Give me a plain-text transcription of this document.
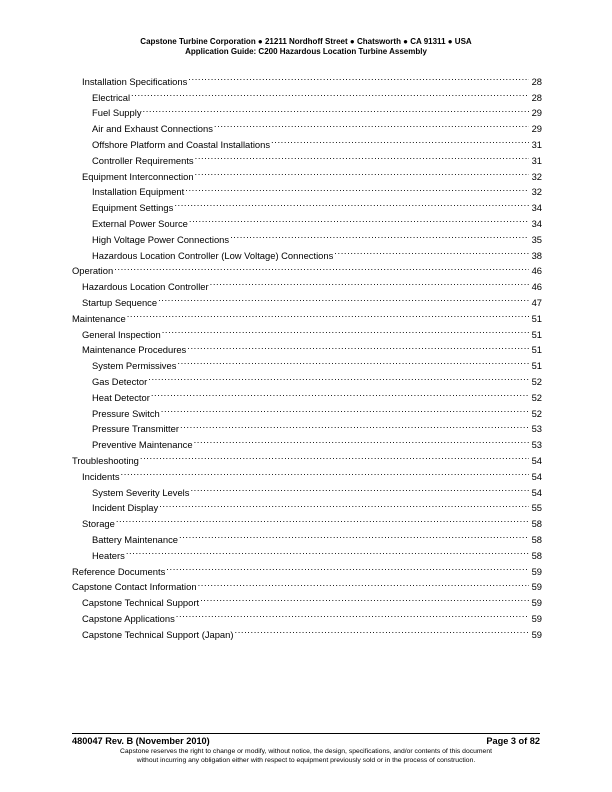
Capstone Turbine Corporation ● 21211 Nordhoff Street ● Chatsworth ● CA 91311 ● USA
Application Guide: C200 Hazardous Location Turbine Assembly
Installation Specifications .....	28
Electrical .....	28
Fuel Supply .....	29
Air and Exhaust Connections .....	29
Offshore Platform and Coastal Installations .....	31
Controller Requirements .....	31
Equipment Interconnection .....	32
Installation Equipment .....	32
Equipment Settings .....	34
External Power Source .....	34
High Voltage Power Connections .....	35
Hazardous Location Controller (Low Voltage) Connections .....	38
Operation .....	46
Hazardous Location Controller .....	46
Startup Sequence .....	47
Maintenance .....	51
General Inspection .....	51
Maintenance Procedures .....	51
System Permissives .....	51
Gas Detector .....	52
Heat Detector .....	52
Pressure Switch .....	52
Pressure Transmitter .....	53
Preventive Maintenance .....	53
Troubleshooting .....	54
Incidents .....	54
System Severity Levels .....	54
Incident Display .....	55
Storage .....	58
Battery Maintenance .....	58
Heaters .....	58
Reference Documents .....	59
Capstone Contact Information .....	59
Capstone Technical Support .....	59
Capstone Applications .....	59
Capstone Technical Support (Japan) .....	59
480047 Rev. B (November 2010)	Page 3 of 82
Capstone reserves the right to change or modify, without notice, the design, specifications, and/or contents of this document
without incurring any obligation either with respect to equipment previously sold or in the process of construction.
